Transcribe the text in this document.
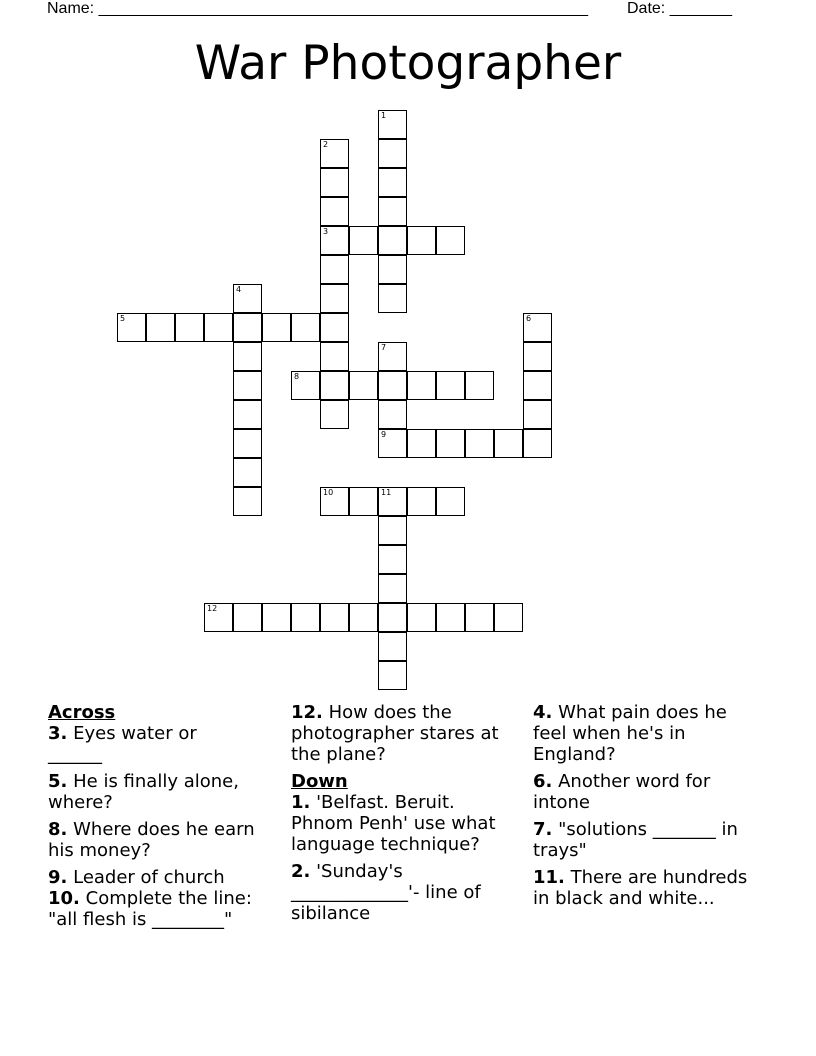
Name: _______________________________________________________ Date: _______
War Photographer
1
2
3
4
5	6
7
9
8
10	11
12
Across
3. Eyes water or
______
5. He is finally alone, where?
8. Where does he earn his money?
9. Leader of church
10. Complete the line: "all flesh is ________"
12. How does the photographer stares at the plane?
Down
1. 'Belfast. Beruit. Phnom Penh' use what language technique?
2. 'Sunday's _____________'- line of sibilance
4. What pain does he feel when he's in England?
6. Another word for intone
7. "solutions _______ in trays"
11. There are hundreds in black and white...
